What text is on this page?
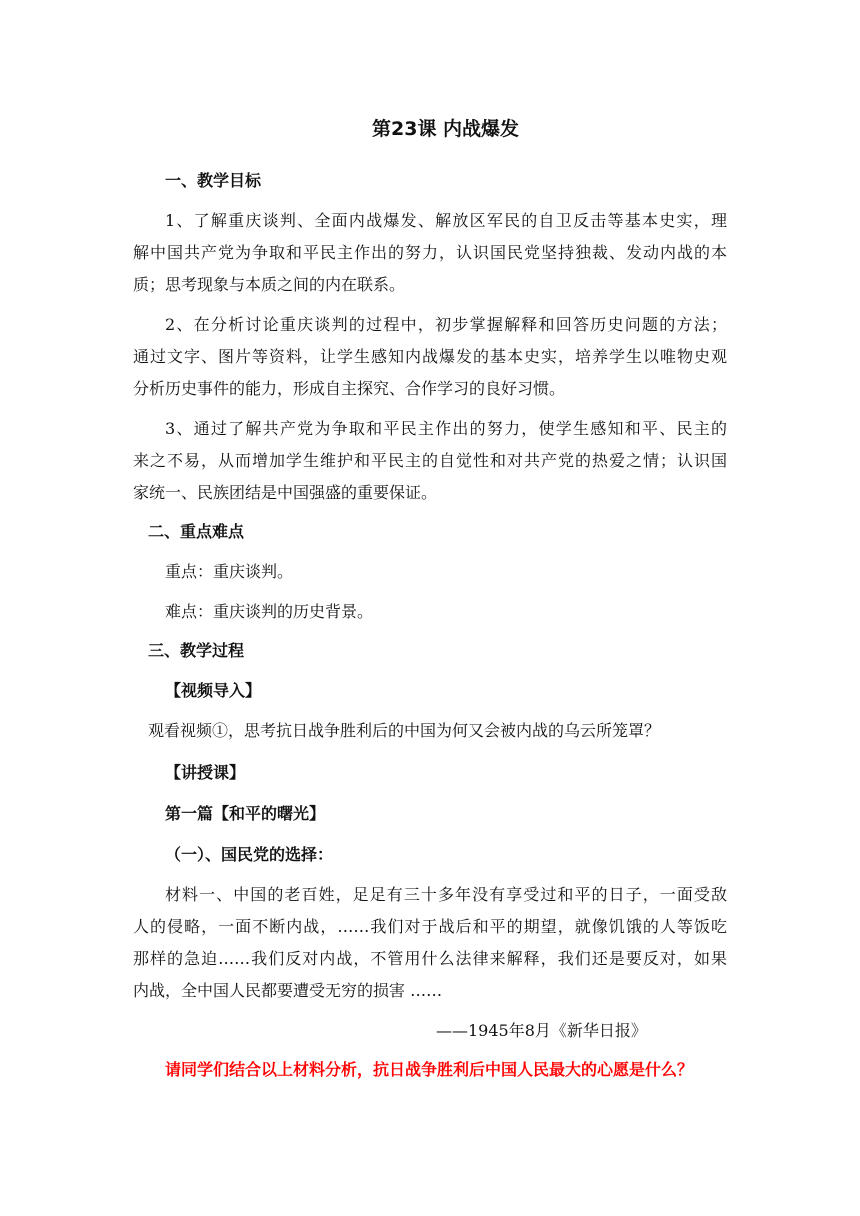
第23课 内战爆发
一、教学目标
1、了解重庆谈判、全面内战爆发、解放区军民的自卫反击等基本史实，理
解中国共产党为争取和平民主作出的努力，认识国民党坚持独裁、发动内战的本
质；思考现象与本质之间的内在联系。
2、在分析讨论重庆谈判的过程中，初步掌握解释和回答历史问题的方法；
通过文字、图片等资料，让学生感知内战爆发的基本史实，培养学生以唯物史观
分析历史事件的能力，形成自主探究、合作学习的良好习惯。
3、通过了解共产党为争取和平民主作出的努力，使学生感知和平、民主的
来之不易，从而增加学生维护和平民主的自觉性和对共产党的热爱之情；认识国
家统一、民族团结是中国强盛的重要保证。
二、重点难点
重点：重庆谈判。
难点：重庆谈判的历史背景。
三、教学过程
【视频导入】
观看视频①，思考抗日战争胜利后的中国为何又会被内战的乌云所笼罩？
【讲授课】
第一篇【和平的曙光】
（一）、国民党的选择：
材料一、中国的老百姓，足足有三十多年没有享受过和平的日子，一面受敌
人的侵略，一面不断内战，……我们对于战后和平的期望，就像饥饿的人等饭吃
那样的急迫……我们反对内战，不管用什么法律来解释，我们还是要反对，如果
内战，全中国人民都要遭受无穷的损害 ……
——1945年8月《新华日报》
请同学们结合以上材料分析，抗日战争胜利后中国人民最大的心愿是什么？
